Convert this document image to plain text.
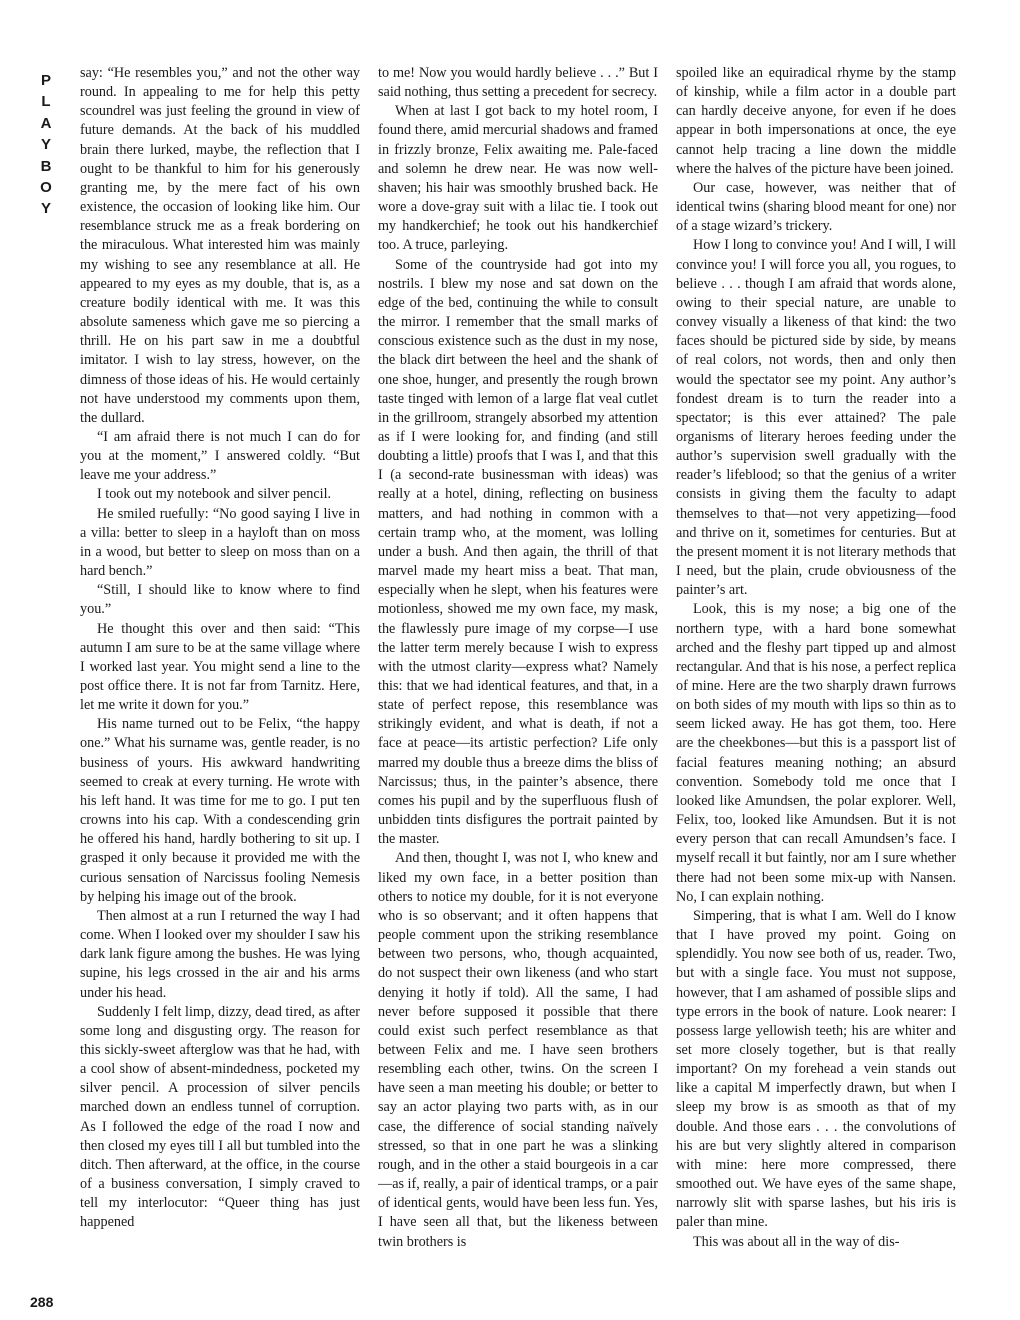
P
L
A
Y
B
O
Y

say: “He resembles you,” and not the other way round. In appealing to me for help this petty scoundrel was just feeling the ground in view of future demands. At the back of his muddled brain there lurked, maybe, the reflection that I ought to be thankful to him for his generously granting me, by the mere fact of his own existence, the occasion of looking like him. Our resemblance struck me as a freak bordering on the miraculous. What interested him was mainly my wishing to see any resemblance at all. He appeared to my eyes as my double, that is, as a creature bodily identical with me. It was this absolute sameness which gave me so piercing a thrill. He on his part saw in me a doubtful imitator. I wish to lay stress, however, on the dimness of those ideas of his. He would certainly not have understood my comments upon them, the dullard.

“I am afraid there is not much I can do for you at the moment,” I answered coldly. “But leave me your address.”

I took out my notebook and silver pencil.

He smiled ruefully: “No good saying I live in a villa: better to sleep in a hayloft than on moss in a wood, but better to sleep on moss than on a hard bench.”

“Still, I should like to know where to find you.”

He thought this over and then said: “This autumn I am sure to be at the same village where I worked last year. You might send a line to the post office there. It is not far from Tarnitz. Here, let me write it down for you.”

His name turned out to be Felix, “the happy one.” What his surname was, gentle reader, is no business of yours. His awkward handwriting seemed to creak at every turning. He wrote with his left hand. It was time for me to go. I put ten crowns into his cap. With a condescending grin he offered his hand, hardly bothering to sit up. I grasped it only because it provided me with the curious sensation of Narcissus fooling Nemesis by helping his image out of the brook.

Then almost at a run I returned the way I had come. When I looked over my shoulder I saw his dark lank figure among the bushes. He was lying supine, his legs crossed in the air and his arms under his head.

Suddenly I felt limp, dizzy, dead tired, as after some long and disgusting orgy. The reason for this sickly-sweet afterglow was that he had, with a cool show of absent-mindedness, pocketed my silver pencil. A procession of silver pencils marched down an endless tunnel of corruption. As I followed the edge of the road I now and then closed my eyes till I all but tumbled into the ditch. Then afterward, at the office, in the course of a business conversation, I simply craved to tell my interlocutor: “Queer thing has just happened

to me! Now you would hardly believe . . .” But I said nothing, thus setting a precedent for secrecy.

When at last I got back to my hotel room, I found there, amid mercurial shadows and framed in frizzly bronze, Felix awaiting me. Pale-faced and solemn he drew near. He was now well-shaven; his hair was smoothly brushed back. He wore a dove-gray suit with a lilac tie. I took out my handkerchief; he took out his handkerchief too. A truce, parleying.

Some of the countryside had got into my nostrils. I blew my nose and sat down on the edge of the bed, continuing the while to consult the mirror. I remember that the small marks of conscious existence such as the dust in my nose, the black dirt between the heel and the shank of one shoe, hunger, and presently the rough brown taste tinged with lemon of a large flat veal cutlet in the grillroom, strangely absorbed my attention as if I were looking for, and finding (and still doubting a little) proofs that I was I, and that this I (a second-rate businessman with ideas) was really at a hotel, dining, reflecting on business matters, and had nothing in common with a certain tramp who, at the moment, was lolling under a bush. And then again, the thrill of that marvel made my heart miss a beat. That man, especially when he slept, when his features were motionless, showed me my own face, my mask, the flawlessly pure image of my corpse—I use the latter term merely because I wish to express with the utmost clarity—express what? Namely this: that we had identical features, and that, in a state of perfect repose, this resemblance was strikingly evident, and what is death, if not a face at peace—its artistic perfection? Life only marred my double thus a breeze dims the bliss of Narcissus; thus, in the painter’s absence, there comes his pupil and by the superfluous flush of unbidden tints disfigures the portrait painted by the master.

And then, thought I, was not I, who knew and liked my own face, in a better position than others to notice my double, for it is not everyone who is so observant; and it often happens that people comment upon the striking resemblance between two persons, who, though acquainted, do not suspect their own likeness (and who start denying it hotly if told). All the same, I had never before supposed it possible that there could exist such perfect resemblance as that between Felix and me. I have seen brothers resembling each other, twins. On the screen I have seen a man meeting his double; or better to say an actor playing two parts with, as in our case, the difference of social standing naïvely stressed, so that in one part he was a slinking rough, and in the other a staid bourgeois in a car—as if, really, a pair of identical tramps, or a pair of identical gents, would have been less fun. Yes, I have seen all that, but the likeness between twin brothers is

spoiled like an equiradical rhyme by the stamp of kinship, while a film actor in a double part can hardly deceive anyone, for even if he does appear in both impersonations at once, the eye cannot help tracing a line down the middle where the halves of the picture have been joined.

Our case, however, was neither that of identical twins (sharing blood meant for one) nor of a stage wizard’s trickery.

How I long to convince you! And I will, I will convince you! I will force you all, you rogues, to believe . . . though I am afraid that words alone, owing to their special nature, are unable to convey visually a likeness of that kind: the two faces should be pictured side by side, by means of real colors, not words, then and only then would the spectator see my point. Any author’s fondest dream is to turn the reader into a spectator; is this ever attained? The pale organisms of literary heroes feeding under the author’s supervision swell gradually with the reader’s lifeblood; so that the genius of a writer consists in giving them the faculty to adapt themselves to that—not very appetizing—food and thrive on it, sometimes for centuries. But at the present moment it is not literary methods that I need, but the plain, crude obviousness of the painter’s art.

Look, this is my nose; a big one of the northern type, with a hard bone somewhat arched and the fleshy part tipped up and almost rectangular. And that is his nose, a perfect replica of mine. Here are the two sharply drawn furrows on both sides of my mouth with lips so thin as to seem licked away. He has got them, too. Here are the cheekbones—but this is a passport list of facial features meaning nothing; an absurd convention. Somebody told me once that I looked like Amundsen, the polar explorer. Well, Felix, too, looked like Amundsen. But it is not every person that can recall Amundsen’s face. I myself recall it but faintly, nor am I sure whether there had not been some mix-up with Nansen. No, I can explain nothing.

Simpering, that is what I am. Well do I know that I have proved my point. Going on splendidly. You now see both of us, reader. Two, but with a single face. You must not suppose, however, that I am ashamed of possible slips and type errors in the book of nature. Look nearer: I possess large yellowish teeth; his are whiter and set more closely together, but is that really important? On my forehead a vein stands out like a capital M imperfectly drawn, but when I sleep my brow is as smooth as that of my double. And those ears . . . the convolutions of his are but very slightly altered in comparison with mine: here more compressed, there smoothed out. We have eyes of the same shape, narrowly slit with sparse lashes, but his iris is paler than mine.

This was about all in the way of dis-

288
